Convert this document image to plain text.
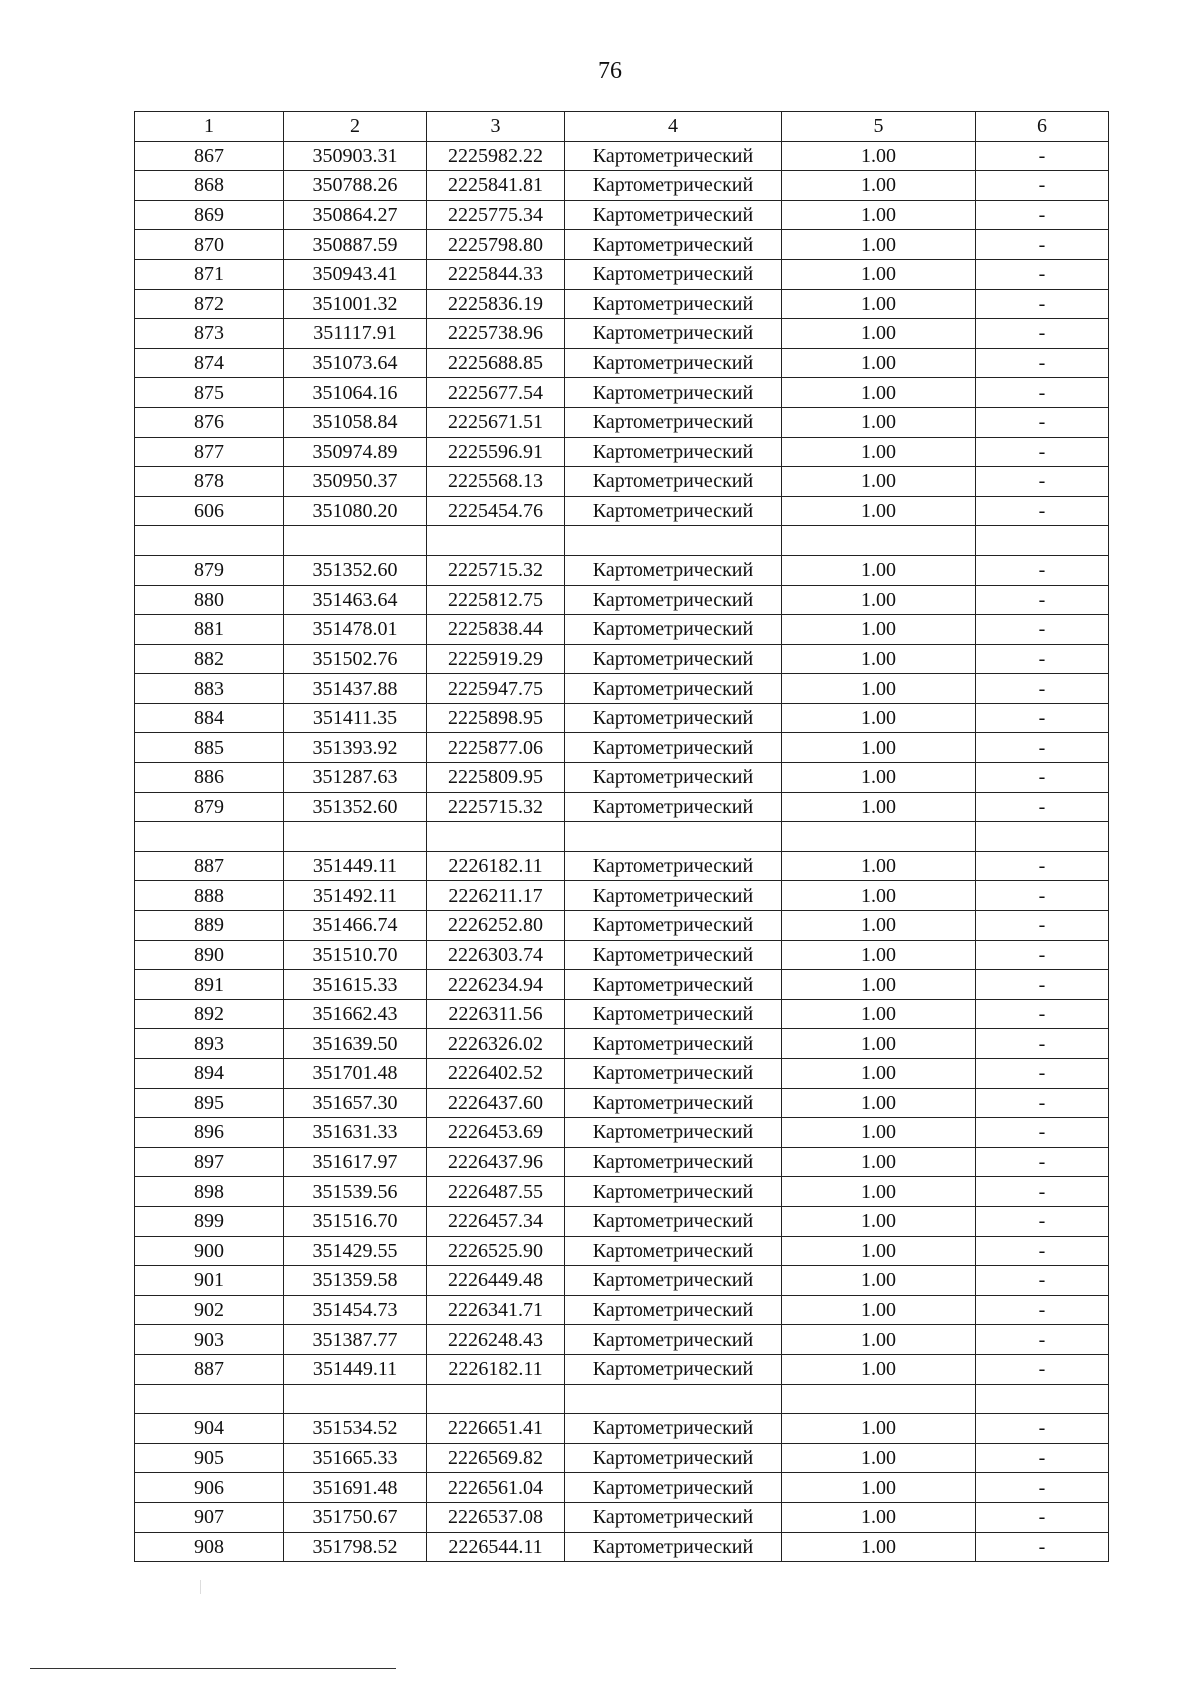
76
1	2	3	4	5	6
867	350903.31	2225982.22	Картометрический	1.00	-
868	350788.26	2225841.81	Картометрический	1.00	-
869	350864.27	2225775.34	Картометрический	1.00	-
870	350887.59	2225798.80	Картометрический	1.00	-
871	350943.41	2225844.33	Картометрический	1.00	-
872	351001.32	2225836.19	Картометрический	1.00	-
873	351117.91	2225738.96	Картометрический	1.00	-
874	351073.64	2225688.85	Картометрический	1.00	-
875	351064.16	2225677.54	Картометрический	1.00	-
876	351058.84	2225671.51	Картометрический	1.00	-
877	350974.89	2225596.91	Картометрический	1.00	-
878	350950.37	2225568.13	Картометрический	1.00	-
606	351080.20	2225454.76	Картометрический	1.00	-

879	351352.60	2225715.32	Картометрический	1.00	-
880	351463.64	2225812.75	Картометрический	1.00	-
881	351478.01	2225838.44	Картометрический	1.00	-
882	351502.76	2225919.29	Картометрический	1.00	-
883	351437.88	2225947.75	Картометрический	1.00	-
884	351411.35	2225898.95	Картометрический	1.00	-
885	351393.92	2225877.06	Картометрический	1.00	-
886	351287.63	2225809.95	Картометрический	1.00	-
879	351352.60	2225715.32	Картометрический	1.00	-

887	351449.11	2226182.11	Картометрический	1.00	-
888	351492.11	2226211.17	Картометрический	1.00	-
889	351466.74	2226252.80	Картометрический	1.00	-
890	351510.70	2226303.74	Картометрический	1.00	-
891	351615.33	2226234.94	Картометрический	1.00	-
892	351662.43	2226311.56	Картометрический	1.00	-
893	351639.50	2226326.02	Картометрический	1.00	-
894	351701.48	2226402.52	Картометрический	1.00	-
895	351657.30	2226437.60	Картометрический	1.00	-
896	351631.33	2226453.69	Картометрический	1.00	-
897	351617.97	2226437.96	Картометрический	1.00	-
898	351539.56	2226487.55	Картометрический	1.00	-
899	351516.70	2226457.34	Картометрический	1.00	-
900	351429.55	2226525.90	Картометрический	1.00	-
901	351359.58	2226449.48	Картометрический	1.00	-
902	351454.73	2226341.71	Картометрический	1.00	-
903	351387.77	2226248.43	Картометрический	1.00	-
887	351449.11	2226182.11	Картометрический	1.00	-

904	351534.52	2226651.41	Картометрический	1.00	-
905	351665.33	2226569.82	Картометрический	1.00	-
906	351691.48	2226561.04	Картометрический	1.00	-
907	351750.67	2226537.08	Картометрический	1.00	-
908	351798.52	2226544.11	Картометрический	1.00	-
